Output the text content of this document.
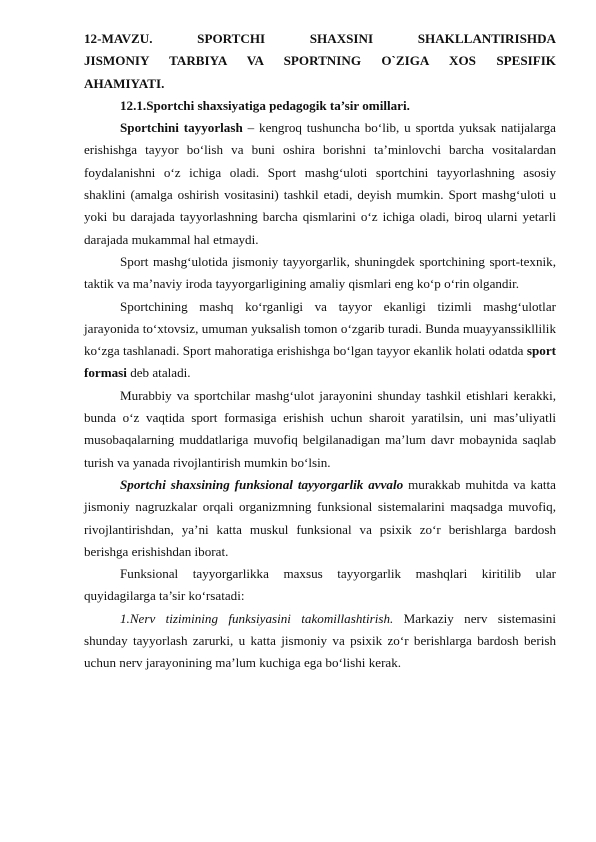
12-MAVZU. SPORTCHI SHAXSINI SHAKLLANTIRISHDA

JISMONIY TARBIYA VA SPORTNING O`ZIGA XOS SPESIFIK

AHAMIYATI.

12.1.Sportchi shaxsiyatiga pedagogik ta’sir omillari.

Sportchini tayyorlash – kengroq tushuncha bo‘lib, u sportda yuksak natijalarga erishishga tayyor bo‘lish va buni oshira borishni ta’minlovchi barcha vositalardan foydalanishni o‘z ichiga oladi. Sport mashg‘uloti sportchini tayyorlashning asosiy shaklini (amalga oshirish vositasini) tashkil etadi, deyish mumkin. Sport mashg‘uloti u yoki bu darajada tayyorlashning barcha qismlarini o‘z ichiga oladi, biroq ularni yetarli darajada mukammal hal etmaydi.

Sport mashg‘ulotida jismoniy tayyorgarlik, shuningdek sportchining sport-texnik, taktik va ma’naviy iroda tayyorgarligining amaliy qismlari eng ko‘p o‘rin olgandir.

Sportchining mashq ko‘rganligi va tayyor ekanligi tizimli mashg‘ulotlar jarayonida to‘xtovsiz, umuman yuksalish tomon o‘zgarib turadi. Bunda muayyanssikllilik ko‘zga tashlanadi. Sport mahoratiga erishishga bo‘lgan tayyor ekanlik holati odatda sport formasi deb ataladi.

Murabbiy va sportchilar mashg‘ulot jarayonini shunday tashkil etishlari kerakki, bunda o‘z vaqtida sport formasiga erishish uchun sharoit yaratilsin, uni mas’uliyatli musobaqalarning muddatlariga muvofiq belgilanadigan ma’lum davr mobaynida saqlab turish va yanada rivojlantirish mumkin bo‘lsin.

Sportchi shaxsining funksional tayyorgarlik avvalo murakkab muhitda va katta jismoniy nagruzkalar orqali organizmning funksional sistemalarini maqsadga muvofiq, rivojlantirishdan, ya’ni katta muskul funksional va psixik zo‘r berishlarga bardosh berishga erishishdan iborat.

Funksional tayyorgarlikka maxsus tayyorgarlik mashqlari kiritilib ular quyidagilarga ta’sir ko‘rsatadi:

1.Nerv tizimining funksiyasini takomillashtirish. Markaziy nerv sistemasini shunday tayyorlash zarurki, u katta jismoniy va psixik zo‘r berishlarga bardosh berish uchun nerv jarayonining ma’lum kuchiga ega bo‘lishi kerak.
